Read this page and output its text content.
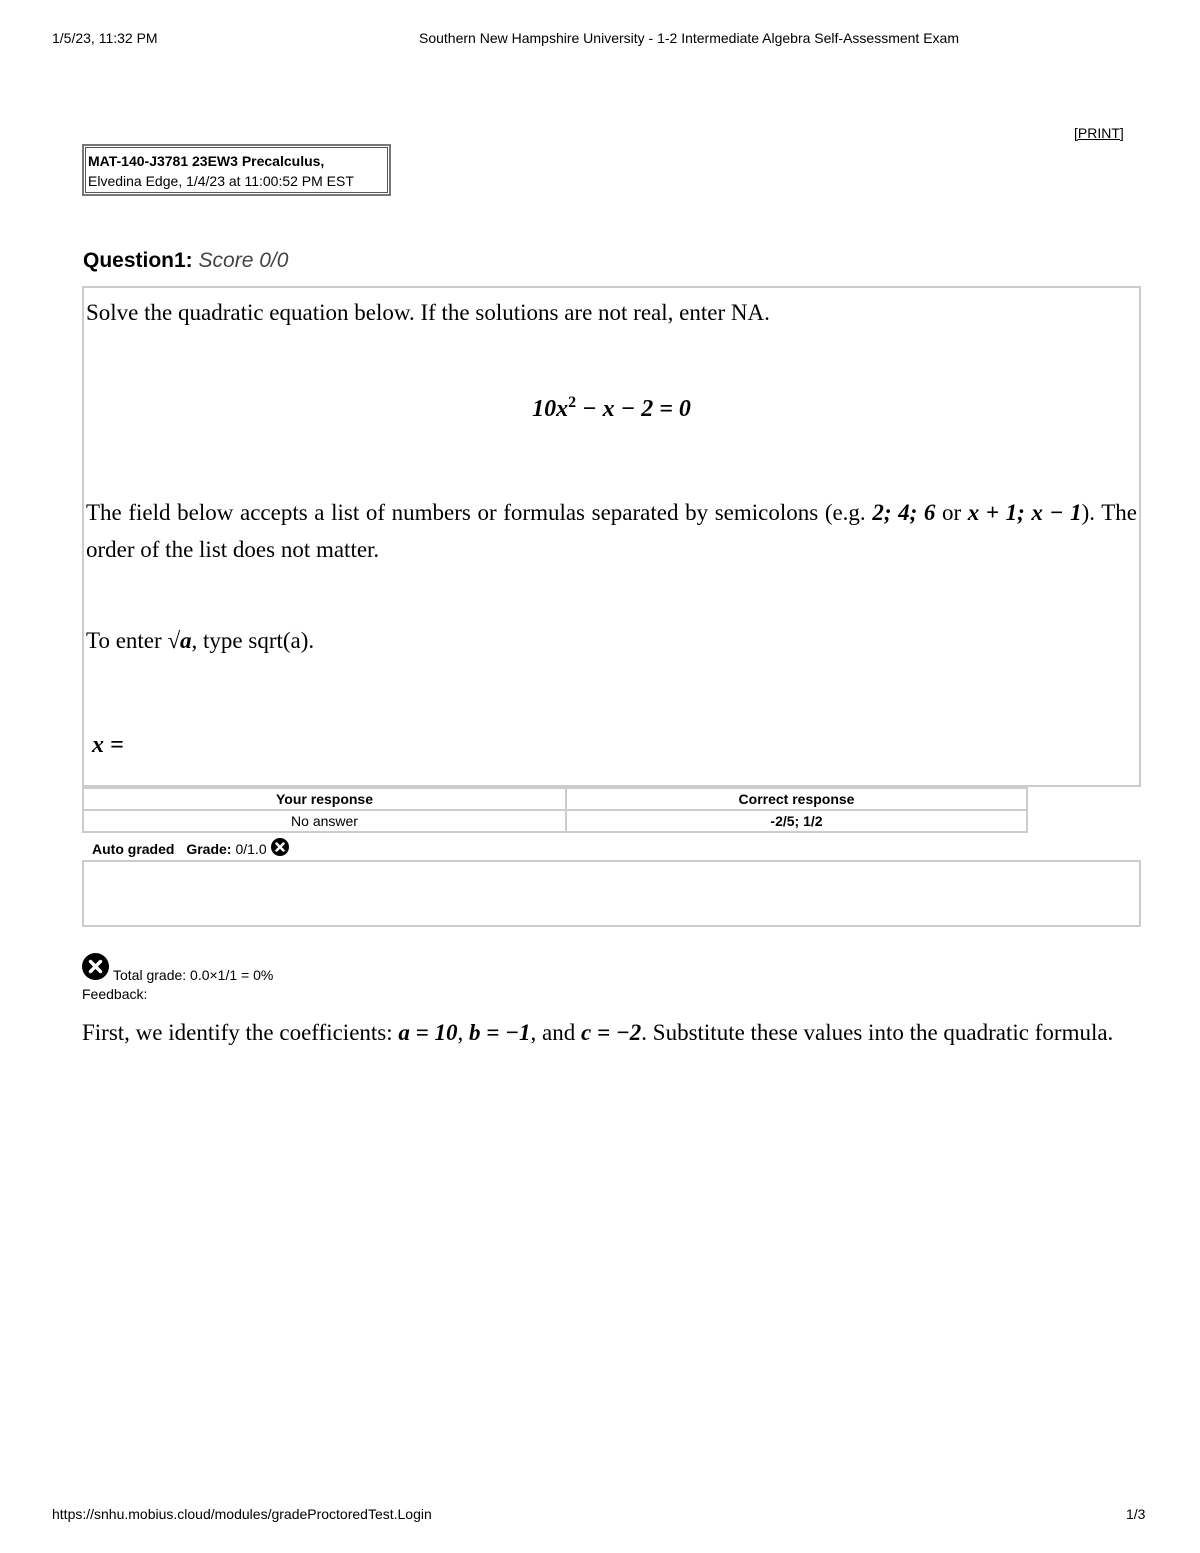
1/5/23, 11:32 PM	Southern New Hampshire University - 1-2 Intermediate Algebra Self-Assessment Exam
[PRINT]
MAT-140-J3781 23EW3 Precalculus,
Elvedina Edge, 1/4/23 at 11:00:52 PM EST
Question1: Score 0/0
Solve the quadratic equation below. If the solutions are not real, enter NA.
$10x^2 - x - 2 = 0$
The field below accepts a list of numbers or formulas separated by semicolons (e.g. 2; 4; 6 or x + 1; x − 1). The order of the list does not matter.
To enter √a, type sqrt(a).
x =
Your response	Correct response
No answer	-2/5; 1/2
Auto graded
Grade: 0/1.0
Total grade: 0.0×1/1 = 0%
Feedback:
First, we identify the coefficients: a = 10, b = −1, and c = −2. Substitute these values into the quadratic formula.
https://snhu.mobius.cloud/modules/gradeProctoredTest.Login	1/3
